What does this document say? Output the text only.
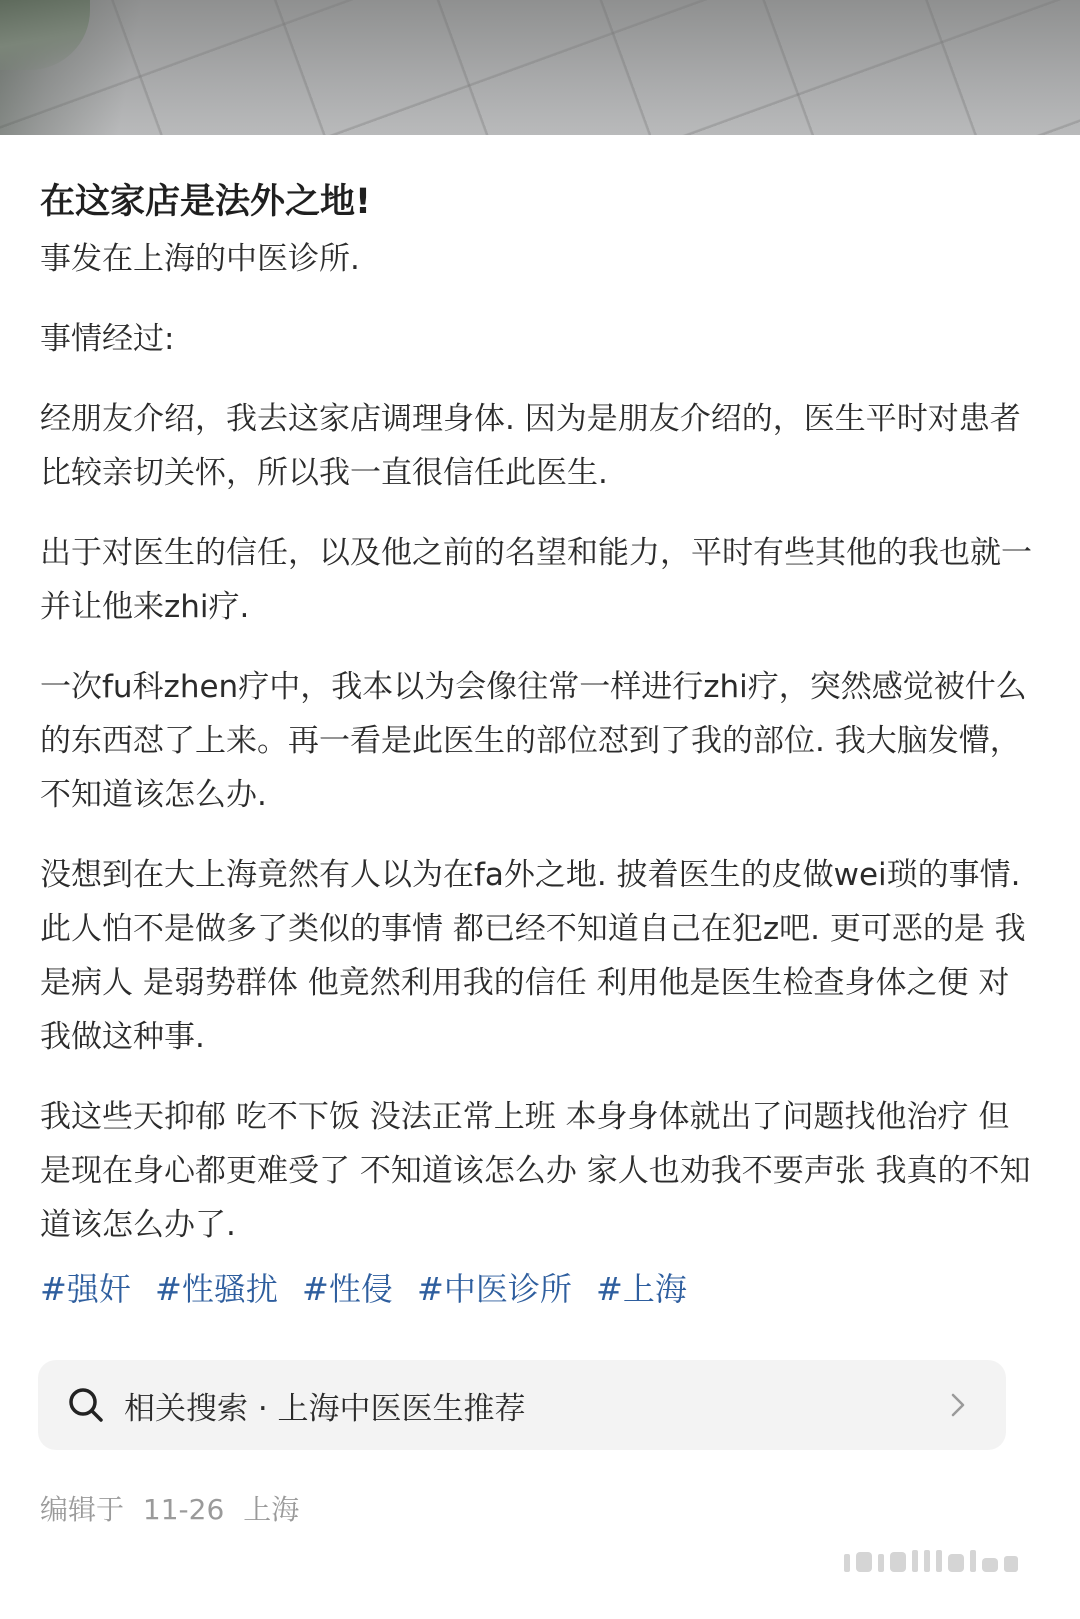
在这家店是法外之地!

事发在上海的中医诊所.

事情经过:

经朋友介绍，我去这家店调理身体. 因为是朋友介绍的，医生平时对患者比较亲切关怀，所以我一直很信任此医生.

出于对医生的信任，以及他之前的名望和能力，平时有些其他的我也就一并让他来zhi疗.

一次fu科zhen疗中，我本以为会像往常一样进行zhi疗，突然感觉被什么的东西怼了上来。再一看是此医生的部位怼到了我的部位. 我大脑发懵，不知道该怎么办.

没想到在大上海竟然有人以为在fa外之地. 披着医生的皮做wei琐的事情. 此人怕不是做多了类似的事情 都已经不知道自己在犯z吧. 更可恶的是 我是病人 是弱势群体 他竟然利用我的信任 利用他是医生检查身体之便 对我做这种事.

我这些天抑郁 吃不下饭 没法正常上班 本身身体就出了问题找他治疗 但是现在身心都更难受了 不知道该怎么办 家人也劝我不要声张 我真的不知道该怎么办了.

#强奸 #性骚扰 #性侵 #中医诊所 #上海
相关搜索 · 上海中医医生推荐
编辑于 11-26 上海
